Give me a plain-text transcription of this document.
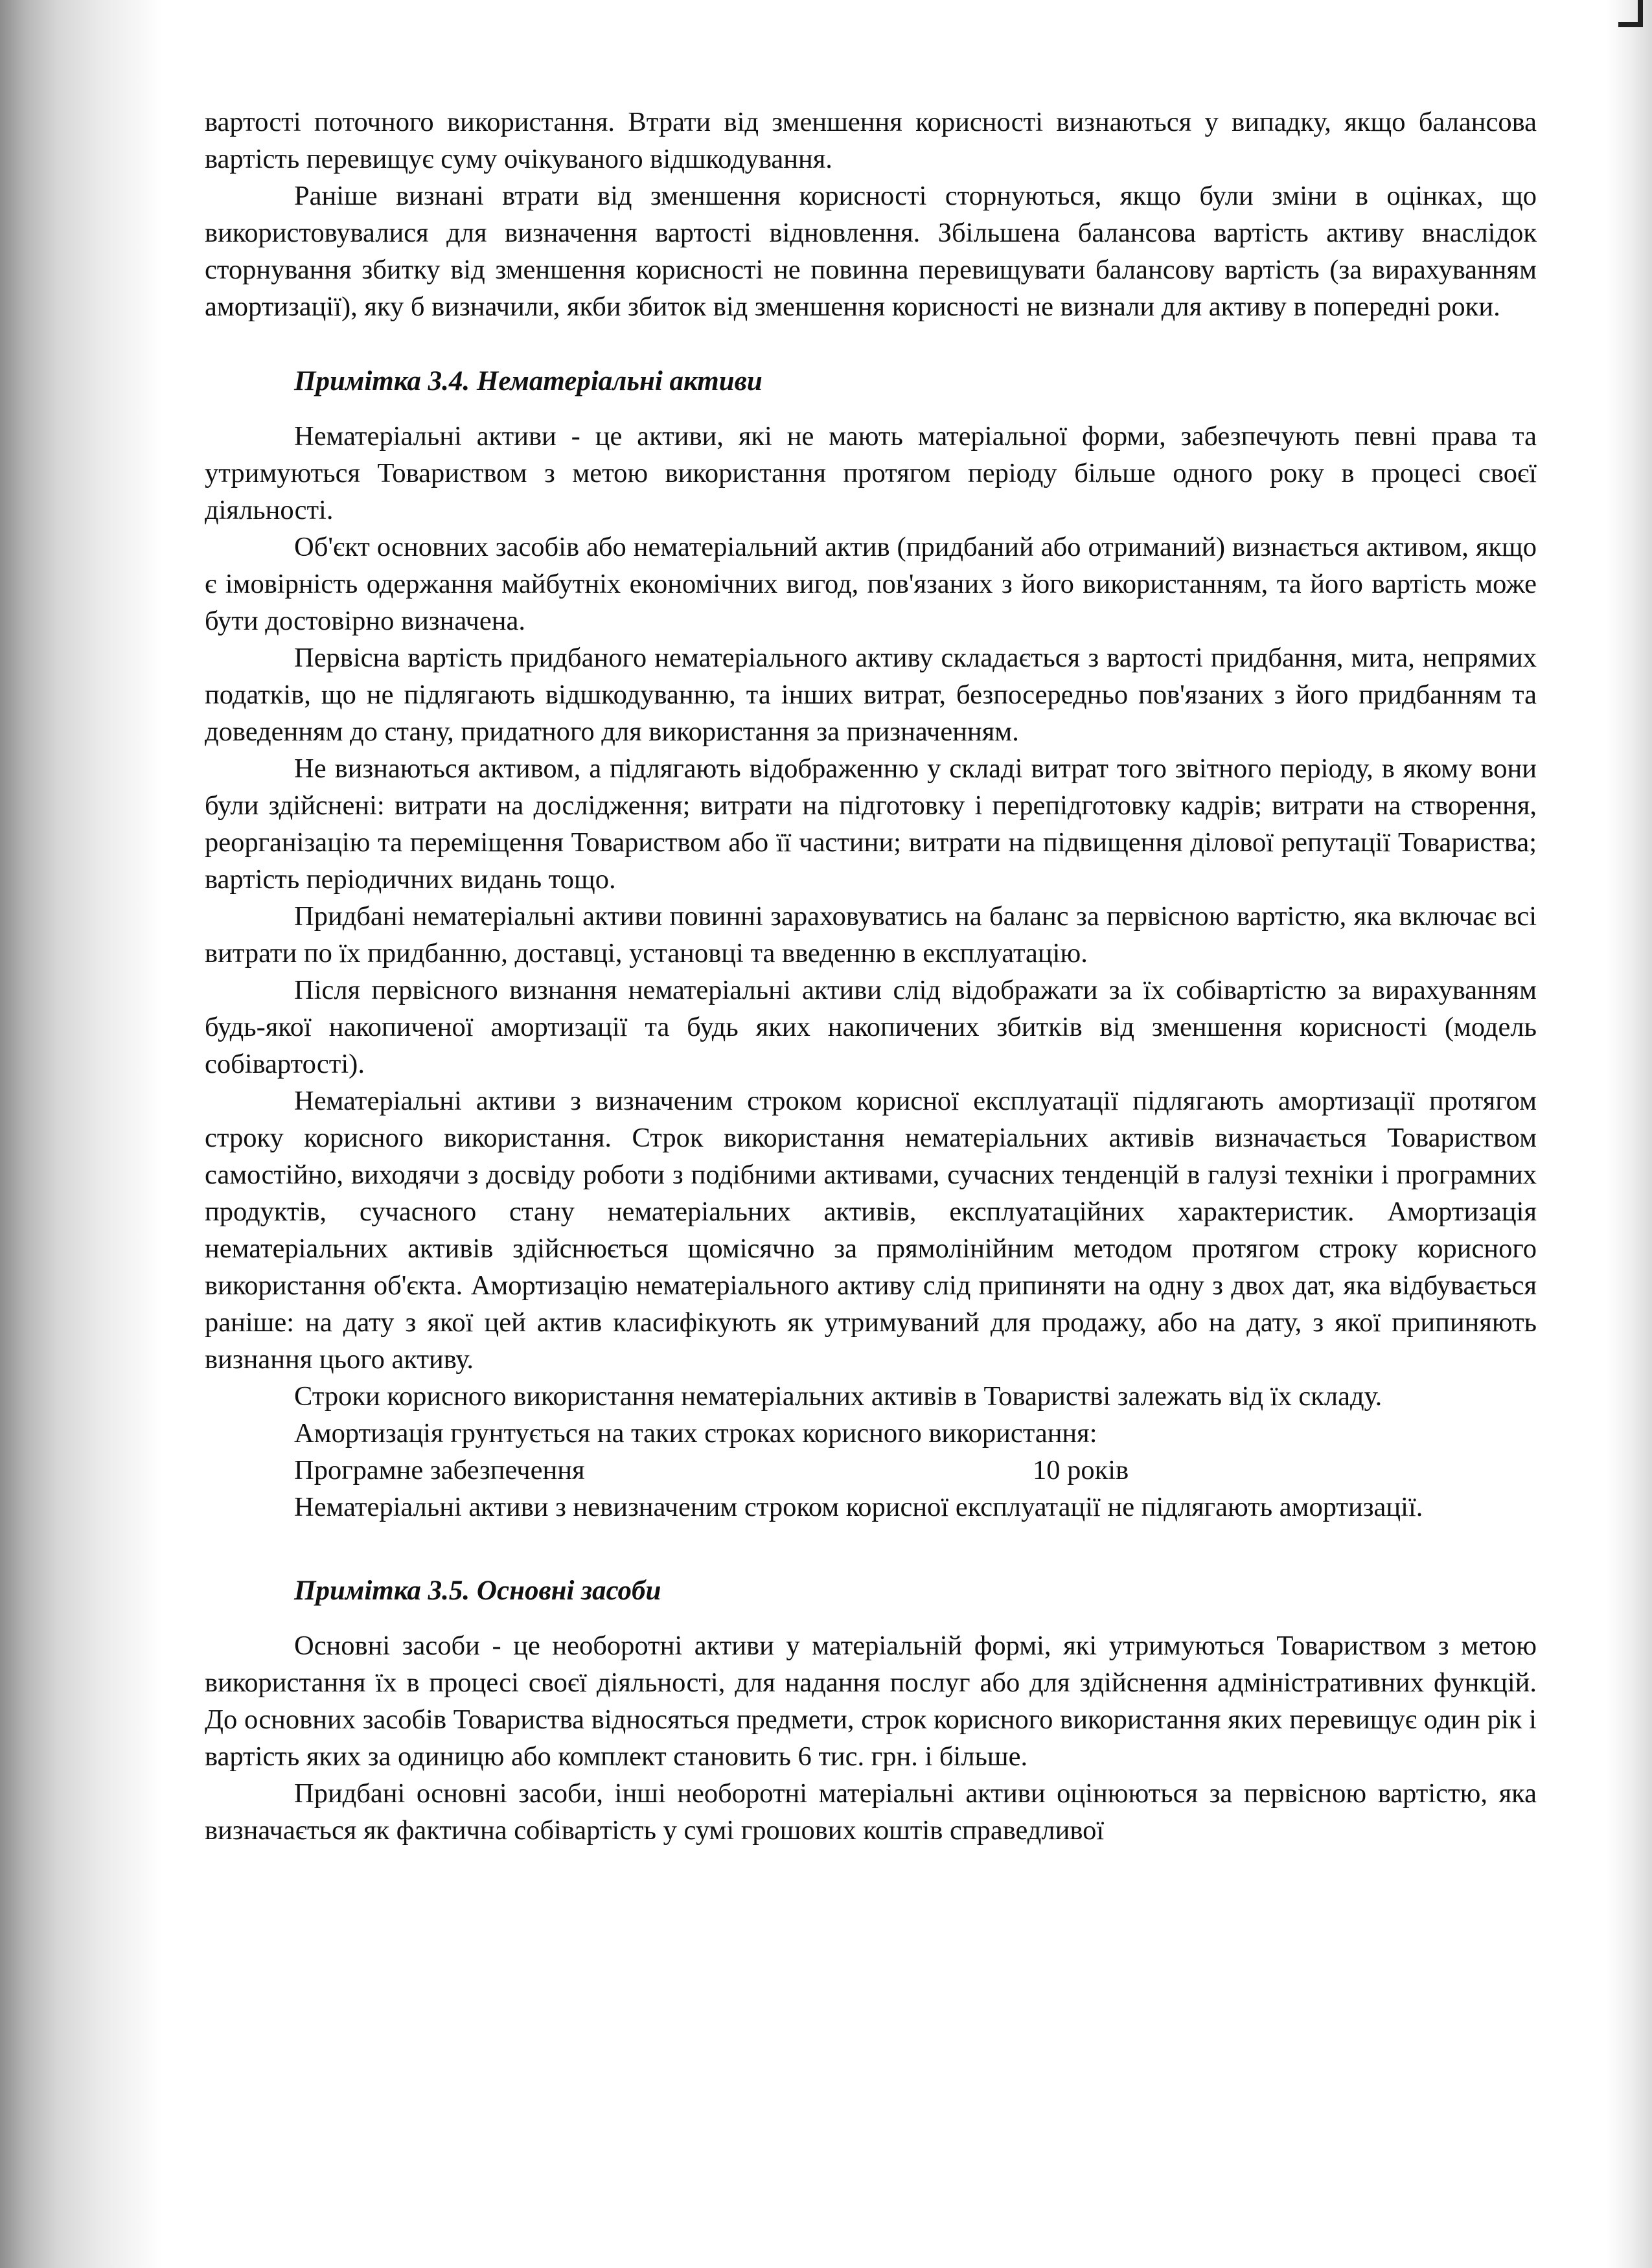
вартості поточного використання. Втрати від зменшення корисності визнаються у випадку, якщо балансова вартість перевищує суму очікуваного відшкодування.

Раніше визнані втрати від зменшення корисності сторнуються, якщо були зміни в оцінках, що використовувалися для визначення вартості відновлення. Збільшена балансова вартість активу внаслідок сторнування збитку від зменшення корисності не повинна перевищувати балансову вартість (за вирахуванням амортизації), яку б визначили, якби збиток від зменшення корисності не визнали для активу в попередні роки.

Примітка 3.4. Нематеріальні активи

Нематеріальні активи - це активи, які не мають матеріальної форми, забезпечують певні права та утримуються Товариством з метою використання протягом періоду більше одного року в процесі своєї діяльності.

Об'єкт основних засобів або нематеріальний актив (придбаний або отриманий) визнається активом, якщо є імовірність одержання майбутніх економічних вигод, пов'язаних з його використанням, та його вартість може бути достовірно визначена.

Первісна вартість придбаного нематеріального активу складається з вартості придбання, мита, непрямих податків, що не підлягають відшкодуванню, та інших витрат, безпосередньо пов'язаних з його придбанням та доведенням до стану, придатного для використання за призначенням.

Не визнаються активом, а підлягають відображенню у складі витрат того звітного періоду, в якому вони були здійснені: витрати на дослідження; витрати на підготовку і перепідготовку кадрів; витрати на створення, реорганізацію та переміщення Товариством або її частини; витрати на підвищення ділової репутації Товариства; вартість періодичних видань тощо.

Придбані нематеріальні активи повинні зараховуватись на баланс за первісною вартістю, яка включає всі витрати по їх придбанню, доставці, установці та введенню в експлуатацію.

Після первісного визнання нематеріальні активи слід відображати за їх собівартістю за вирахуванням будь-якої накопиченої амортизації та будь яких накопичених збитків від зменшення корисності (модель собівартості).

Нематеріальні активи з визначеним строком корисної експлуатації підлягають амортизації протягом строку корисного використання. Строк використання нематеріальних активів визначається Товариством самостійно, виходячи з досвіду роботи з подібними активами, сучасних тенденцій в галузі техніки і програмних продуктів, сучасного стану нематеріальних активів, експлуатаційних характеристик. Амортизація нематеріальних активів здійснюється щомісячно за прямолінійним методом протягом строку корисного використання об'єкта. Амортизацію нематеріального активу слід припиняти на одну з двох дат, яка відбувається раніше: на дату з якої цей актив класифікують як утримуваний для продажу, або на дату, з якої припиняють визнання цього активу.

Строки корисного використання нематеріальних активів в Товаристві залежать від їх складу.

Амортизація грунтується на таких строках корисного використання:

Програмне забезпечення	10 років

Нематеріальні активи з невизначеним строком корисної експлуатації не підлягають амортизації.

Примітка 3.5. Основні засоби

Основні засоби - це необоротні активи у матеріальній формі, які утримуються Товариством з метою використання їх в процесі своєї діяльності, для надання послуг або для здійснення адміністративних функцій. До основних засобів Товариства відносяться предмети, строк корисного використання яких перевищує один рік і вартість яких за одиницю або комплект становить 6 тис. грн. і більше.

Придбані основні засоби, інші необоротні матеріальні активи оцінюються за первісною вартістю, яка визначається як фактична собівартість у сумі грошових коштів справедливої
